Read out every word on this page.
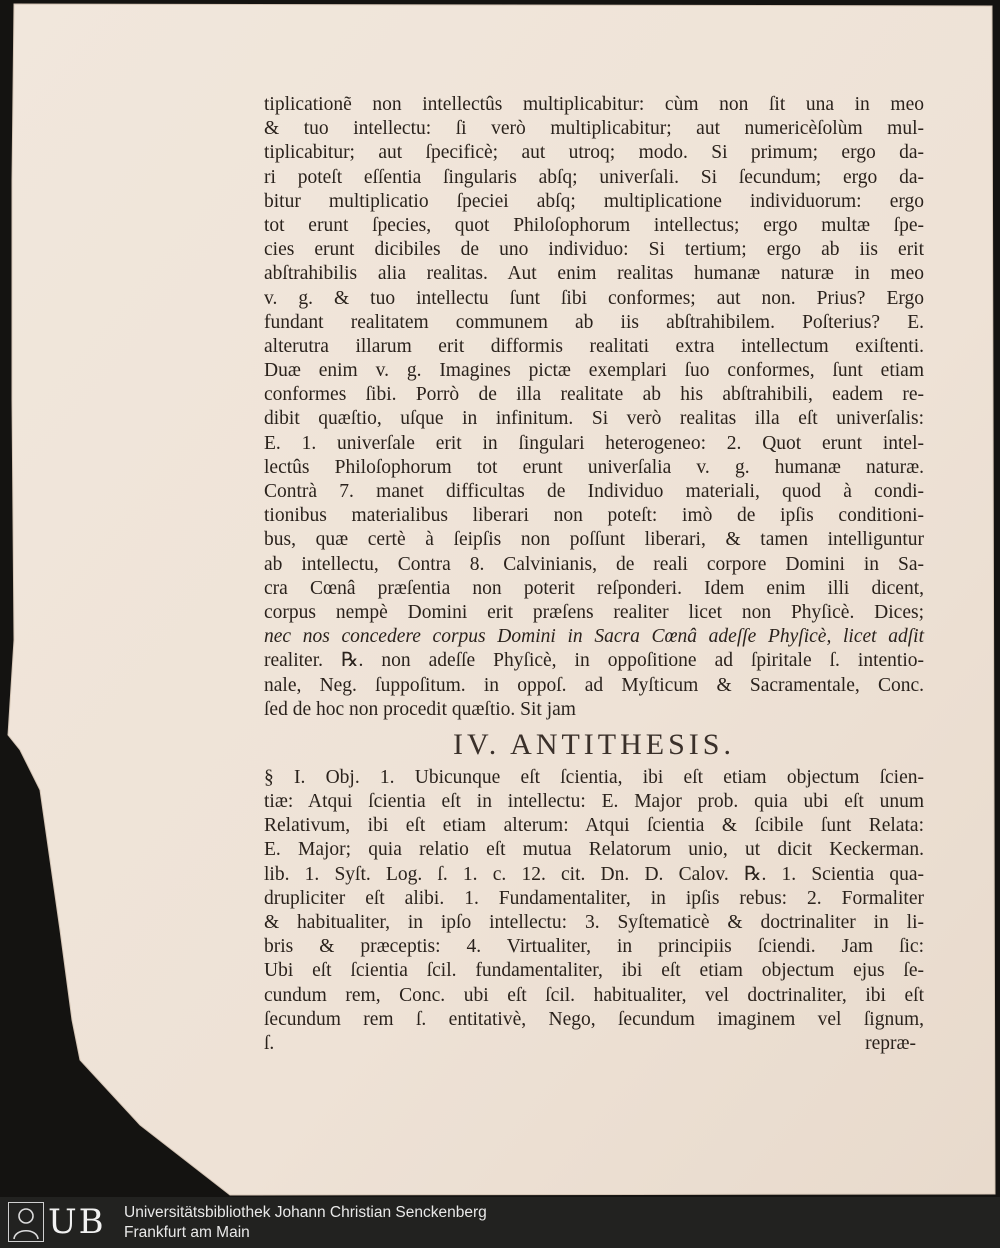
tiplicationẽ non intellectûs multiplicabitur: cùm non ſit una in meo
& tuo intellectu: ſi verò multiplicabitur; aut numericèſolùm mul-
tiplicabitur; aut ſpecificè; aut utroq; modo. Si primum; ergo da-
ri poteſt eſſentia ſingularis abſq; univerſali. Si ſecundum; ergo da-
bitur multiplicatio ſpeciei abſq; multiplicatione individuorum: ergo
tot erunt ſpecies, quot Philoſophorum intellectus; ergo multæ ſpe-
cies erunt dicibiles de uno individuo: Si tertium; ergo ab iis erit
abſtrahibilis alia realitas. Aut enim realitas humanæ naturæ in meo
v. g. & tuo intellectu ſunt ſibi conformes; aut non. Prius? Ergo
fundant realitatem communem ab iis abſtrahibilem. Poſterius? E.
alterutra illarum erit difformis realitati extra intellectum exiſtenti.
Duæ enim v. g. Imagines pictæ exemplari ſuo conformes, ſunt etiam
conformes ſibi. Porrò de illa realitate ab his abſtrahibili, eadem re-
dibit quæſtio, uſque in infinitum. Si verò realitas illa eſt univerſalis:
E. 1. univerſale erit in ſingulari heterogeneo: 2. Quot erunt intel-
lectûs Philoſophorum tot erunt univerſalia v. g. humanæ naturæ.
Contrà 7. manet difficultas de Individuo materiali, quod à condi-
tionibus materialibus liberari non poteſt: imò de ipſis conditioni-
bus, quæ certè à ſeipſis non poſſunt liberari, & tamen intelliguntur
ab intellectu, Contra 8. Calvinianis, de reali corpore Domini in Sa-
cra Cœnâ præſentia non poterit reſponderi. Idem enim illi dicent,
corpus nempè Domini erit præſens realiter licet non Phyſicè. Dices;
nec nos concedere corpus Domini in Sacra Cœnâ adeſſe Phyſicè, licet adſit
realiter. ℞. non adeſſe Phyſicè, in oppoſitione ad ſpiritale ſ. intentio-
nale, Neg. ſuppoſitum. in oppoſ. ad Myſticum & Sacramentale, Conc.
ſed de hoc non procedit quæſtio. Sit jam
IV. ANTITHESIS.
§ I. Obj. 1. Ubicunque eſt ſcientia, ibi eſt etiam objectum ſcien-
tiæ: Atqui ſcientia eſt in intellectu: E. Major prob. quia ubi eſt unum
Relativum, ibi eſt etiam alterum: Atqui ſcientia & ſcibile ſunt Relata:
E. Major; quia relatio eſt mutua Relatorum unio, ut dicit Keckerman.
lib. 1. Syſt. Log. ſ. 1. c. 12. cit. Dn. D. Calov. ℞. 1. Scientia qua-
drupliciter eſt alibi. 1. Fundamentaliter, in ipſis rebus: 2. Formaliter
& habitualiter, in ipſo intellectu: 3. Syſtematicè & doctrinaliter in li-
bris & præceptis: 4. Virtualiter, in principiis ſciendi. Jam ſic:
Ubi eſt ſcientia ſcil. fundamentaliter, ibi eſt etiam objectum ejus ſe-
cundum rem, Conc. ubi eſt ſcil. habitualiter, vel doctrinaliter, ibi eſt
ſecundum rem ſ. entitativè, Nego, ſecundum imaginem vel ſignum,
ſ. repræ-
UB Universitätsbibliothek Johann Christian Senckenberg
Frankfurt am Main
